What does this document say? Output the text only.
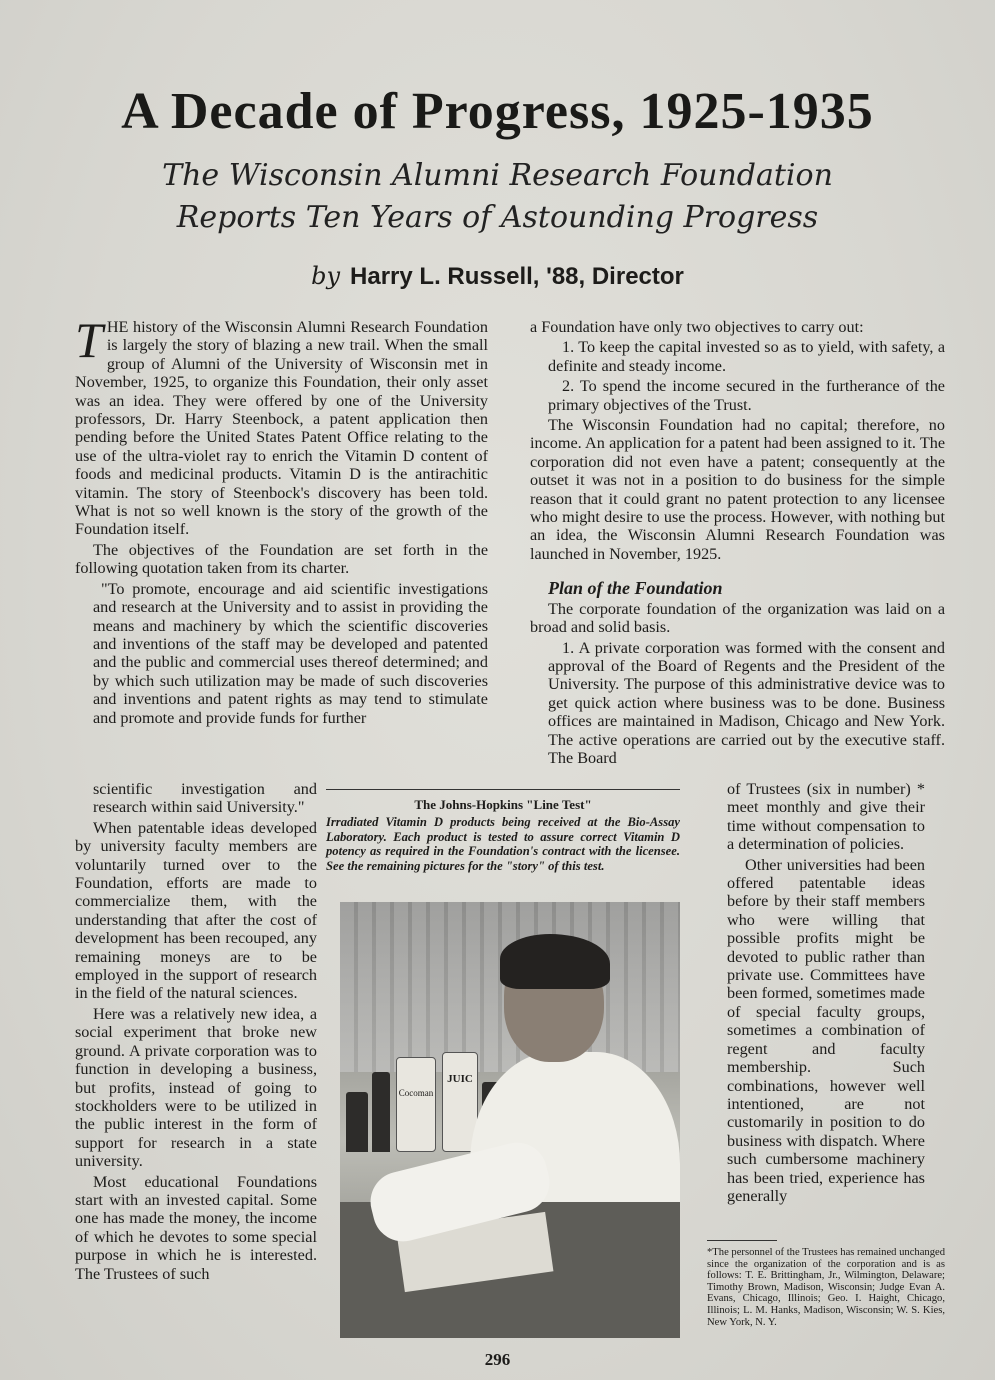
A Decade of Progress, 1925-1935
The Wisconsin Alumni Research Foundation
Reports Ten Years of Astounding Progress
by Harry L. Russell, '88, Director

THE history of the Wisconsin Alumni Research Foundation is largely the story of blazing a new trail. When the small group of Alumni of the University of Wisconsin met in November, 1925, to organize this Foundation, their only asset was an idea. They were offered by one of the University professors, Dr. Harry Steenbock, a patent application then pending before the United States Patent Office relating to the use of the ultra-violet ray to enrich the Vitamin D content of foods and medicinal products. Vitamin D is the antirachitic vitamin. The story of Steenbock's discovery has been told. What is not so well known is the story of the growth of the Foundation itself.

The objectives of the Foundation are set forth in the following quotation taken from its charter.

"To promote, encourage and aid scientific investigations and research at the University and to assist in providing the means and machinery by which the scientific discoveries and inventions of the staff may be developed and patented and the public and commercial uses thereof determined; and by which such utilization may be made of such discoveries and inventions and patent rights as may tend to stimulate and promote and provide funds for further

scientific investigation and research within said University."

When patentable ideas developed by university faculty members are voluntarily turned over to the Foundation, efforts are made to commercialize them, with the understanding that after the cost of development has been recouped, any remaining moneys are to be employed in the support of research in the field of the natural sciences.

Here was a relatively new idea, a social experiment that broke new ground. A private corporation was to function in developing a business, but profits, instead of going to stockholders were to be utilized in the public interest in the form of support for research in a state university.

Most educational Foundations start with an invested capital. Some one has made the money, the income of which he devotes to some special purpose in which he is interested. The Trustees of such

a Foundation have only two objectives to carry out:

1. To keep the capital invested so as to yield, with safety, a definite and steady income.

2. To spend the income secured in the furtherance of the primary objectives of the Trust.

The Wisconsin Foundation had no capital; therefore, no income. An application for a patent had been assigned to it. The corporation did not even have a patent; consequently at the outset it was not in a position to do business for the simple reason that it could grant no patent protection to any licensee who might desire to use the process. However, with nothing but an idea, the Wisconsin Alumni Research Foundation was launched in November, 1925.

Plan of the Foundation

The corporate foundation of the organization was laid on a broad and solid basis.

1. A private corporation was formed with the consent and approval of the Board of Regents and the President of the University. The purpose of this administrative device was to get quick action where business was to be done. Business offices are maintained in Madison, Chicago and New York. The active operations are carried out by the executive staff. The Board

of Trustees (six in number) * meet monthly and give their time without compensation to a determination of policies.

Other universities had been offered patentable ideas before by their staff members who were willing that possible profits might be devoted to public rather than private use. Committees have been formed, sometimes made of special faculty groups, sometimes a combination of regent and faculty membership. Such combinations, however well intentioned, are not customarily in position to do business with dispatch. Where such cumbersome machinery has been tried, experience has generally

The Johns-Hopkins "Line Test"
Irradiated Vitamin D products being received at the Bio-Assay Laboratory. Each product is tested to assure correct Vitamin D potency as required in the Foundation's contract with the licensee. See the remaining pictures for the "story" of this test.
Cocoman
JUIC
*The personnel of the Trustees has remained unchanged since the organization of the corporation and is as follows: T. E. Brittingham, Jr., Wilmington, Delaware; Timothy Brown, Madison, Wisconsin; Judge Evan A. Evans, Chicago, Illinois; Geo. I. Haight, Chicago, Illinois; L. M. Hanks, Madison, Wisconsin; W. S. Kies, New York, N. Y.
296
